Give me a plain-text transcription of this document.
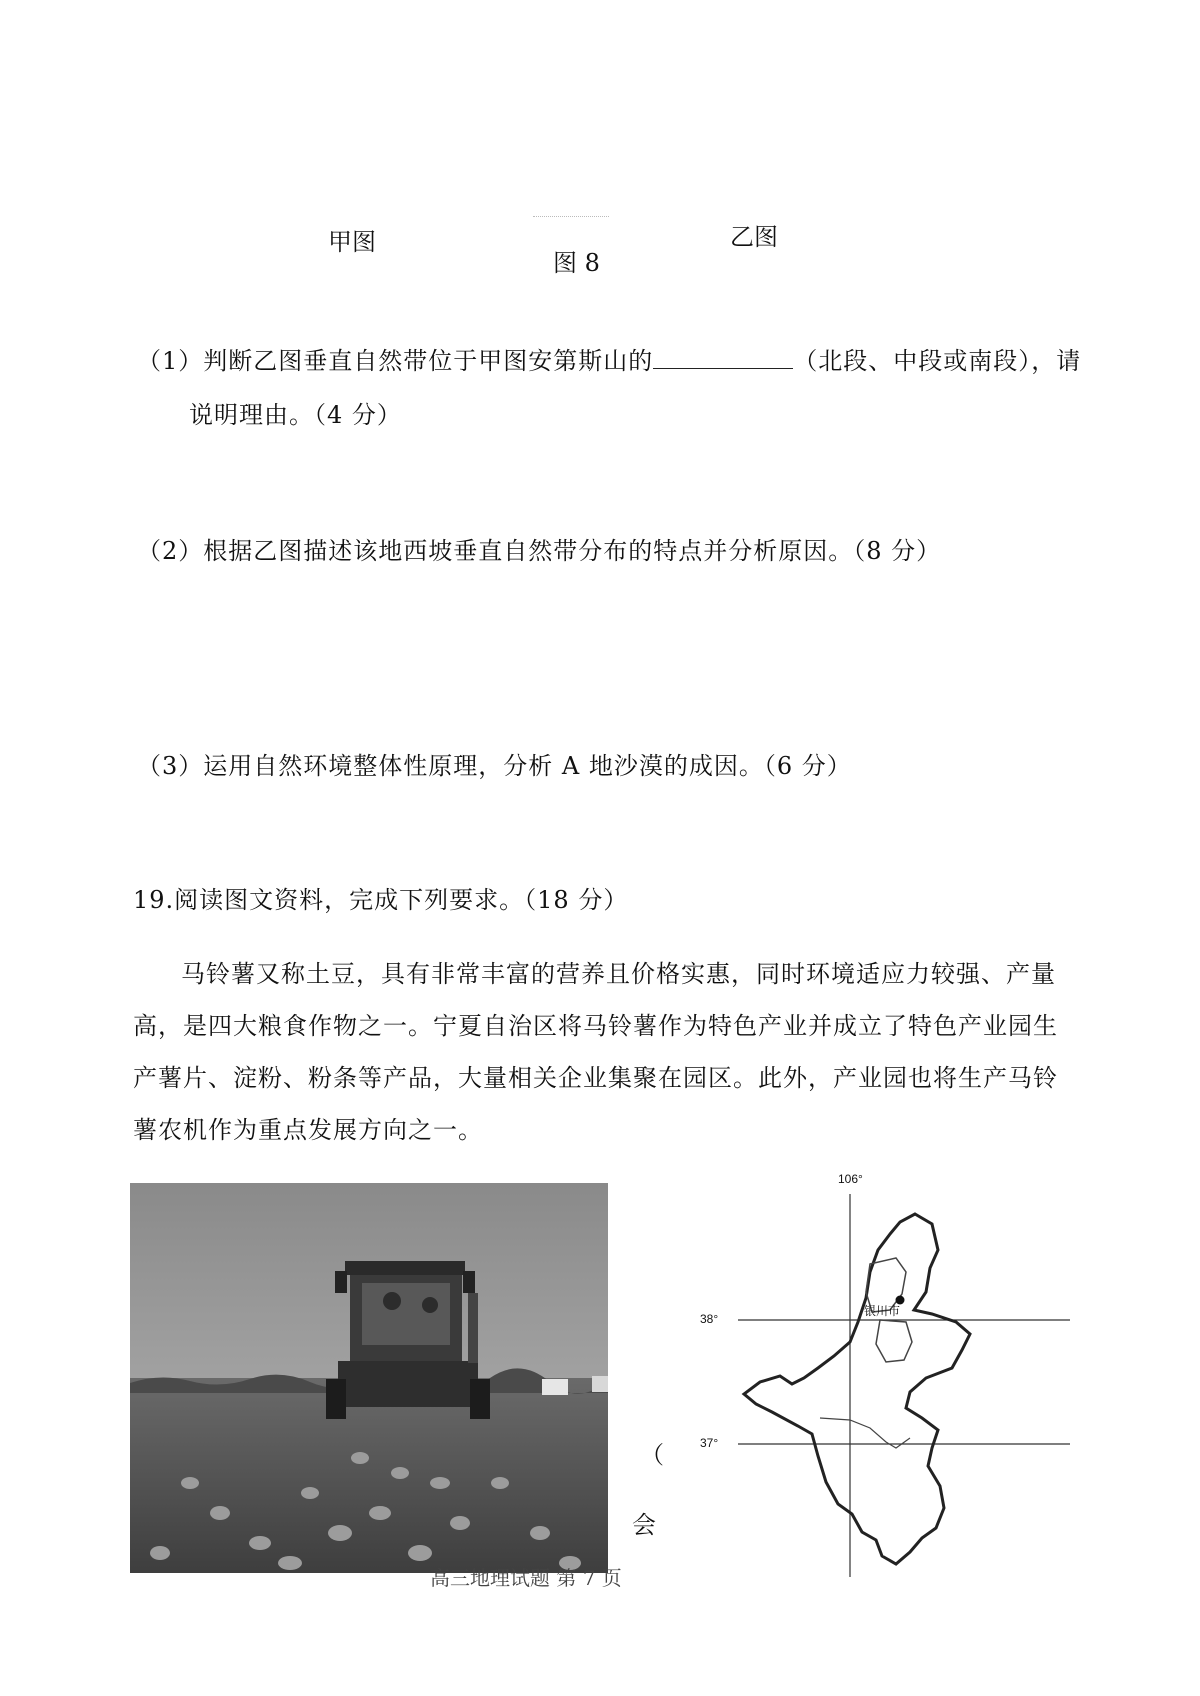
甲图
图 8
乙图
（1）判断乙图垂直自然带位于甲图安第斯山的	（北段、中段或南段），请
说明理由。（4 分）
（2）根据乙图描述该地西坡垂直自然带分布的特点并分析原因。（8 分）
（3）运用自然环境整体性原理，分析 A 地沙漠的成因。（6 分）
19.阅读图文资料，完成下列要求。（18 分）
马铃薯又称土豆，具有非常丰富的营养且价格实惠，同时环境适应力较强、产量高，是四大粮食作物之一。宁夏自治区将马铃薯作为特色产业并成立了特色产业园生产薯片、淀粉、粉条等产品，大量相关企业集聚在园区。此外，产业园也将生产马铃薯农机作为重点发展方向之一。
（
会
106°
38°
37°
银川市
高三地理试题 第 7 页
